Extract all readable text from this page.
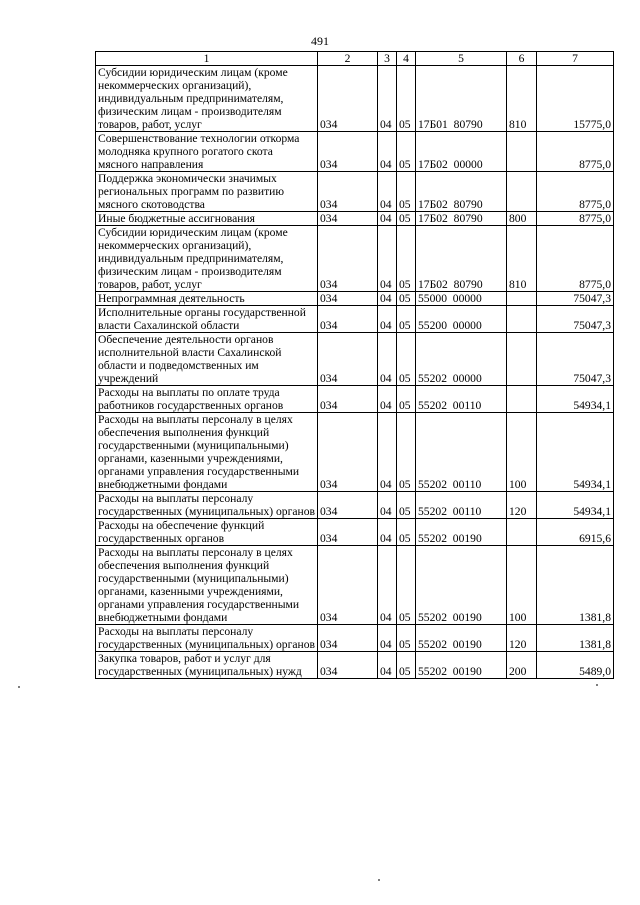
491
1	2	3	4	5	6	7
Субсидии юридическим лицам (кроме некоммерческих организаций), индивидуальным предпринимателям, физическим лицам - производителям товаров, работ, услуг	034	04	05	17Б01  80790	810	15775,0
Совершенствование технологии откорма молодняка крупного рогатого скота мясного направления	034	04	05	17Б02  00000		8775,0
Поддержка экономически значимых региональных программ по развитию мясного скотоводства	034	04	05	17Б02  80790		8775,0
Иные бюджетные ассигнования	034	04	05	17Б02  80790	800	8775,0
Субсидии юридическим лицам (кроме некоммерческих организаций), индивидуальным предпринимателям, физическим лицам - производителям товаров, работ, услуг	034	04	05	17Б02  80790	810	8775,0
Непрограммная деятельность	034	04	05	55000  00000		75047,3
Исполнительные органы государственной власти Сахалинской области	034	04	05	55200  00000		75047,3
Обеспечение деятельности органов исполнительной власти Сахалинской области и подведомственных им учреждений	034	04	05	55202  00000		75047,3
Расходы на выплаты по оплате труда работников государственных органов	034	04	05	55202  00110		54934,1
Расходы на выплаты персоналу в целях обеспечения выполнения функций государственными (муниципальными) органами, казенными учреждениями, органами управления государственными внебюджетными фондами	034	04	05	55202  00110	100	54934,1
Расходы на выплаты персоналу государственных (муниципальных) органов	034	04	05	55202  00110	120	54934,1
Расходы на обеспечение функций государственных органов	034	04	05	55202  00190		6915,6
Расходы на выплаты персоналу в целях обеспечения выполнения функций государственными (муниципальными) органами, казенными учреждениями, органами управления государственными внебюджетными фондами	034	04	05	55202  00190	100	1381,8
Расходы на выплаты персоналу государственных (муниципальных) органов	034	04	05	55202  00190	120	1381,8
Закупка товаров, работ и услуг для государственных (муниципальных) нужд	034	04	05	55202  00190	200	5489,0
